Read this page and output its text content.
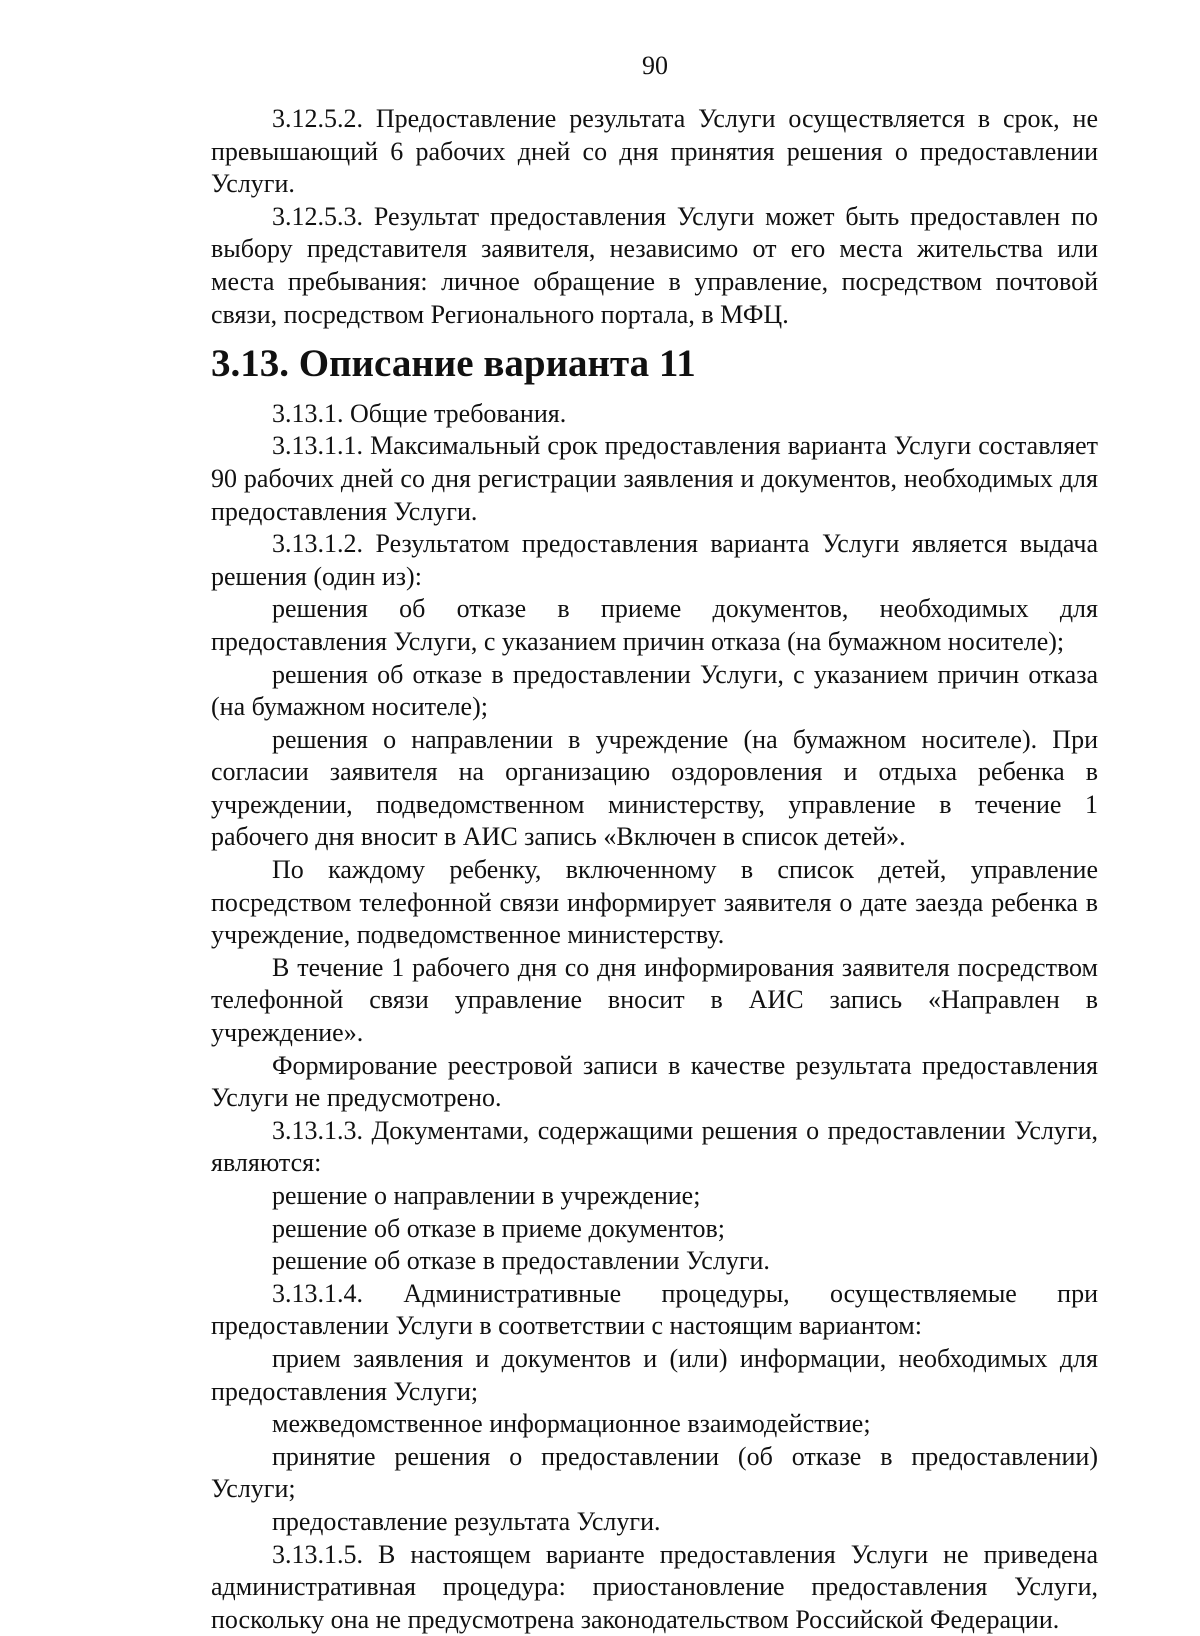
90

3.12.5.2. Предоставление результата Услуги осуществляется в срок, не превышающий 6 рабочих дней со дня принятия решения о предоставлении Услуги.

3.12.5.3. Результат предоставления Услуги может быть предоставлен по выбору представителя заявителя, независимо от его места жительства или места пребывания: личное обращение в управление, посредством почтовой связи, посредством Регионального портала, в МФЦ.

3.13. Описание варианта 11

3.13.1. Общие требования.

3.13.1.1. Максимальный срок предоставления варианта Услуги составляет 90 рабочих дней со дня регистрации заявления и документов, необходимых для предоставления Услуги.

3.13.1.2. Результатом предоставления варианта Услуги является выдача решения (один из):

решения об отказе в приеме документов, необходимых для предоставления Услуги, с указанием причин отказа (на бумажном носителе);

решения об отказе в предоставлении Услуги, с указанием причин отказа (на бумажном носителе);

решения о направлении в учреждение (на бумажном носителе). При согласии заявителя на организацию оздоровления и отдыха ребенка в учреждении, подведомственном министерству, управление в течение 1 рабочего дня вносит в АИС запись «Включен в список детей».

По каждому ребенку, включенному в список детей, управление посредством телефонной связи информирует заявителя о дате заезда ребенка в учреждение, подведомственное министерству.

В течение 1 рабочего дня со дня информирования заявителя посредством телефонной связи управление вносит в АИС запись «Направлен в учреждение».

Формирование реестровой записи в качестве результата предоставления Услуги не предусмотрено.

3.13.1.3. Документами, содержащими решения о предоставлении Услуги, являются:

решение о направлении в учреждение;

решение об отказе в приеме документов;

решение об отказе в предоставлении Услуги.

3.13.1.4. Административные процедуры, осуществляемые при предоставлении Услуги в соответствии с настоящим вариантом:

прием заявления и документов и (или) информации, необходимых для предоставления Услуги;

межведомственное информационное взаимодействие;

принятие решения о предоставлении (об отказе в предоставлении) Услуги;

предоставление результата Услуги.

3.13.1.5. В настоящем варианте предоставления Услуги не приведена административная процедура: приостановление предоставления Услуги, поскольку она не предусмотрена законодательством Российской Федерации.
